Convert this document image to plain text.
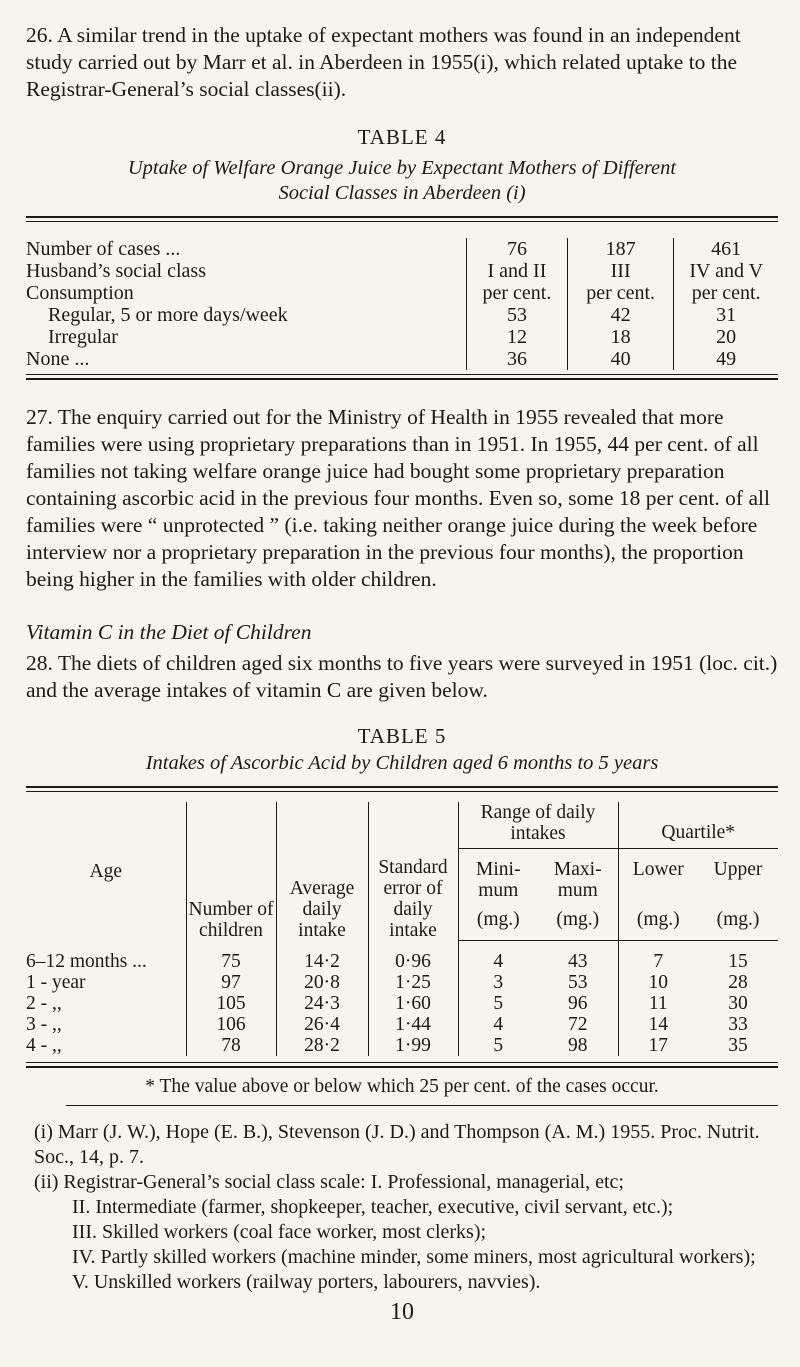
26. A similar trend in the uptake of expectant mothers was found in an independent study carried out by Marr et al. in Aberdeen in 1955(i), which related uptake to the Registrar-General’s social classes(ii).

TABLE 4

Uptake of Welfare Orange Juice by Expectant Mothers of Different

Social Classes in Aberdeen (i)

Number of cases ...	76	187	461
Husband’s social class	I and II	III	IV and V
Consumption	per cent.	per cent.	per cent.
Regular, 5 or more days/week	53	42	31
Irregular	12	18	20
None ...	36	40	49

27. The enquiry carried out for the Ministry of Health in 1955 revealed that more families were using proprietary preparations than in 1951. In 1955, 44 per cent. of all families not taking welfare orange juice had bought some proprietary preparation containing ascorbic acid in the previous four months. Even so, some 18 per cent. of all families were “ unprotected ” (i.e. taking neither orange juice during the week before interview nor a proprietary preparation in the previous four months), the proportion being higher in the families with older children.

Vitamin C in the Diet of Children

28. The diets of children aged six months to five years were surveyed in 1951 (loc. cit.) and the average intakes of vitamin C are given below.

TABLE 5

Intakes of Ascorbic Acid by Children aged 6 months to 5 years

Age	Number of children	Average daily intake	Standard error of daily intake	Range of daily intakes		Quartile*	

				Mini- mum	Maxi- mum	Lower	Upper
				(mg.)	(mg.)	(mg.)	(mg.)
6–12 months ...	75	14·2	0·96	4	43	7	15
1 - year	97	20·8	1·25	3	53	10	28
2 - ,,	105	24·3	1·60	5	96	11	30
3 - ,,	106	26·4	1·44	4	72	14	33
4 - ,,	78	28·2	1·99	5	98	17	35

* The value above or below which 25 per cent. of the cases occur.

(i) Marr (J. W.), Hope (E. B.), Stevenson (J. D.) and Thompson (A. M.) 1955. Proc. Nutrit. Soc., 14, p. 7.

(ii) Registrar-General’s social class scale: I. Professional, managerial, etc;

II. Intermediate (farmer, shopkeeper, teacher, executive, civil servant, etc.);

III. Skilled workers (coal face worker, most clerks);

IV. Partly skilled workers (machine minder, some miners, most agricultural workers);

V. Unskilled workers (railway porters, labourers, navvies).

10
